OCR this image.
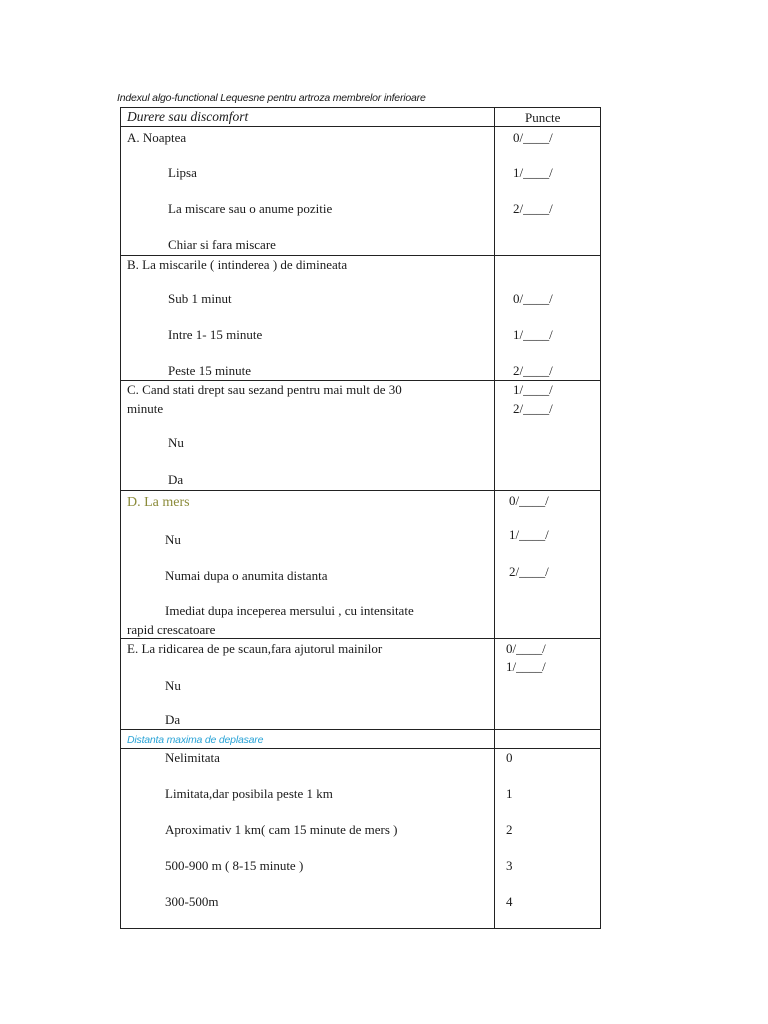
Indexul algo-functional Lequesne pentru artroza membrelor inferioare
Durere sau discomfort	Puncte
A. Noaptea
Lipsa
La miscare sau o anume pozitie
Chiar si fara miscare
0/____/
1/____/
2/____/
B. La miscarile ( intinderea ) de dimineata
Sub 1 minut
Intre 1- 15 minute
Peste 15 minute
0/____/
1/____/
2/____/
C. Cand stati drept sau sezand pentru mai mult de 30
minute
Nu
Da
1/____/
2/____/
D. La mers
Nu
Numai dupa o anumita distanta
Imediat dupa inceperea mersului , cu intensitate
rapid crescatoare
0/____/
1/____/
2/____/
E. La ridicarea de pe scaun,fara ajutorul mainilor
Nu
Da
0/____/
1/____/
Distanta maxima de deplasare
Nelimitata
Limitata,dar posibila peste 1 km
Aproximativ 1 km( cam 15 minute de mers )
500-900 m ( 8-15 minute )
300-500m
0
1
2
3
4
